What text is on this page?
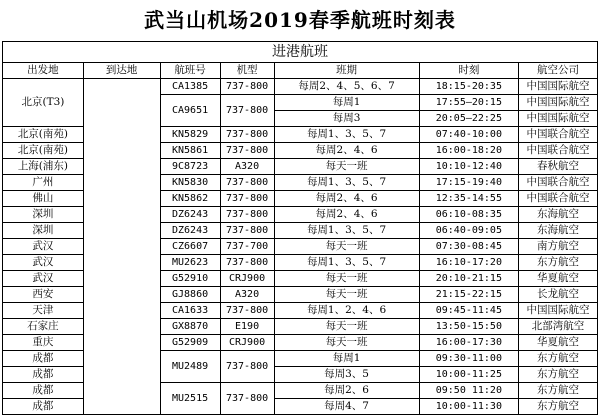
武当山机场2019春季航班时刻表
进港航班						
出发地	到达地	航班号	机型	班期	时刻	航空公司
北京(T3)		CA1385	737-800	每周2、4、5、6、7	18:15-20:35	中国国际航空
		CA9651	737-800	每周1	17:55—20:15	中国国际航空
				每周3	20:05—22:25	中国国际航空
北京(南苑)		KN5829	737-800	每周1、3、5、7	07:40-10:00	中国联合航空
北京(南苑)		KN5861	737-800	每周2、4、6	16:00-18:20	中国联合航空
上海(浦东)		9C8723	A320	每天一班	10:10-12:40	春秋航空
广州		KN5830	737-800	每周1、3、5、7	17:15-19:40	中国联合航空
佛山		KN5862	737-800	每周2、4、6	12:35-14:55	中国联合航空
深圳		DZ6243	737-800	每周2、4、6	06:10-08:35	东海航空
深圳		DZ6243	737-800	每周1、3、5、7	06:40-09:05	东海航空
武汉		CZ6607	737-700	每天一班	07:30-08:45	南方航空
武汉		MU2623	737-800	每周1、3、5、7	16:10-17:20	东方航空
武汉		G52910	CRJ900	每天一班	20:10-21:15	华夏航空
西安		GJ8860	A320	每天一班	21:15-22:15	长龙航空
天津		CA1633	737-800	每周1、2、4、6	09:45-11:45	中国国际航空
石家庄		GX8870	E190	每天一班	13:50-15:50	北部湾航空
重庆		G52909	CRJ900	每天一班	16:00-17:30	华夏航空
成都		MU2489	737-800	每周1	09:30-11:00	东方航空
成都				每周3、5	10:00-11:25	东方航空
成都		MU2515	737-800	每周2、6	09:50 11:20	东方航空
成都				每周4、7	10:00-11:30	东方航空
